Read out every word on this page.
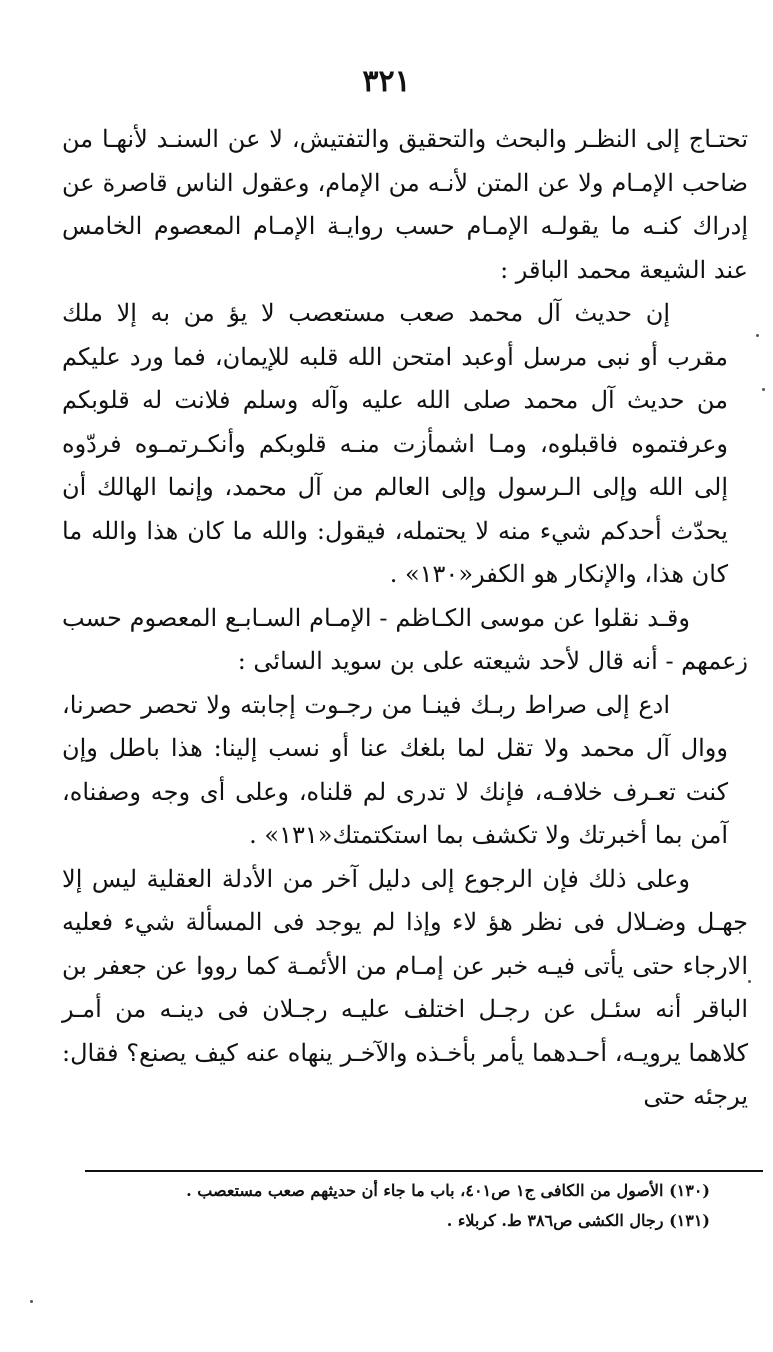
٣٢١

تحتـاج إلى النظـر والبحث والتحقيق والتفتيش، لا عن السنـد لأنهـا من ضاحب الإمـام ولا عن المتن لأنـه من الإمام، وعقول الناس قاصرة عن إدراك كنـه ما يقولـه الإمـام حسب روايـة الإمـام المعصوم الخامس عند الشيعة محمد الباقر :

إن حديث آل محمد صعب مستعصب لا يؤ من به إلا ملك مقرب أو نبى مرسل أوعبد امتحن الله قلبه للإيمان، فما ورد عليكم من حديث آل محمد صلى الله عليه وآله وسلم فلانت له قلوبكم وعرفتموه فاقبلوه، ومـا اشمأزت منـه قلوبكم وأنكـرتمـوه فردّوه إلى الله وإلى الـرسول وإلى العالم من آل محمد، وإنما الهالك أن يحدّث أحدكم شيء منه لا يحتمله، فيقول: والله ما كان هذا والله ما كان هذا، والإنكار هو الكفر«١٣٠» .

وقـد نقلوا عن موسى الكـاظم - الإمـام السـابـع المعصوم حسب زعمهم - أنه قال لأحد شيعته على بن سويد السائى :

ادع إلى صراط ربـك فينـا من رجـوت إجابته ولا تحصر حصرنا، ووال آل محمد ولا تقل لما بلغك عنا أو نسب إلينا: هذا باطل وإن كنت تعـرف خلافـه، فإنك لا تدرى لم قلناه، وعلى أى وجه وصفناه، آمن بما أخبرتك ولا تكشف بما استكتمتك«١٣١» .

وعلى ذلك فإن الرجوع إلى دليل آخر من الأدلة العقلية ليس إلا جهـل وضـلال فى نظر هؤ لاء وإذا لم يوجد فى المسألة شيء فعليه الارجاء حتى يأتى فيـه خبر عن إمـام من الأئمـة كما رووا عن جعفر بن الباقر أنه سئـل عن رجـل اختلف عليـه رجـلان فى دينـه من أمـر كلاهما يرويـه، أحـدهما يأمر بأخـذه والآخـر ينهاه عنه كيف يصنع؟ فقال: يرجئه حتى

(١٣٠) الأصول من الكافى ج١ ص٤٠١، باب ما جاء أن حديثهم صعب مستعصب .

(١٣١) رجال الكشى ص٣٨٦ ط. كربلاء .
